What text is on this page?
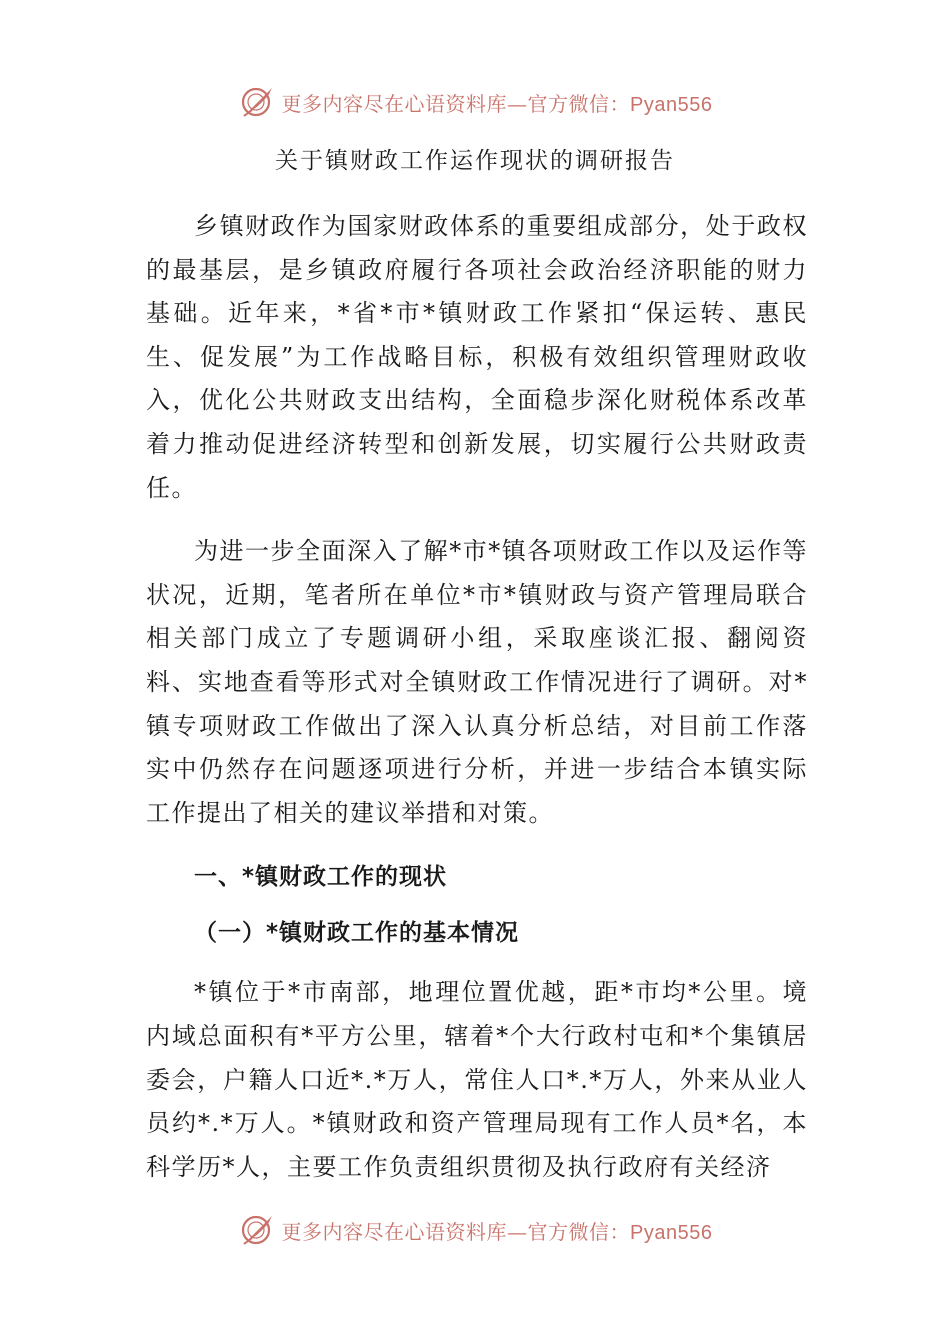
更多内容尽在心语资料库—官方微信：Pyan556
关于镇财政工作运作现状的调研报告

乡镇财政作为国家财政体系的重要组成部分，处于政权的最基层，是乡镇政府履行各项社会政治经济职能的财力基础。近年来，*省*市*镇财政工作紧扣“保运转、惠民生、促发展”为工作战略目标，积极有效组织管理财政收入，优化公共财政支出结构，全面稳步深化财税体系改革着力推动促进经济转型和创新发展，切实履行公共财政责任。

为进一步全面深入了解*市*镇各项财政工作以及运作等状况，近期，笔者所在单位*市*镇财政与资产管理局联合相关部门成立了专题调研小组，采取座谈汇报、翻阅资料、实地查看等形式对全镇财政工作情况进行了调研。对*镇专项财政工作做出了深入认真分析总结，对目前工作落实中仍然存在问题逐项进行分析，并进一步结合本镇实际工作提出了相关的建议举措和对策。

一、*镇财政工作的现状
（一）*镇财政工作的基本情况

*镇位于*市南部，地理位置优越，距*市均*公里。境内域总面积有*平方公里，辖着*个大行政村屯和*个集镇居委会，户籍人口近*.*万人，常住人口*.*万人，外来从业人员约*.*万人。*镇财政和资产管理局现有工作人员*名，本科学历*人，主要工作负责组织贯彻及执行政府有关经济

更多内容尽在心语资料库—官方微信：Pyan556
